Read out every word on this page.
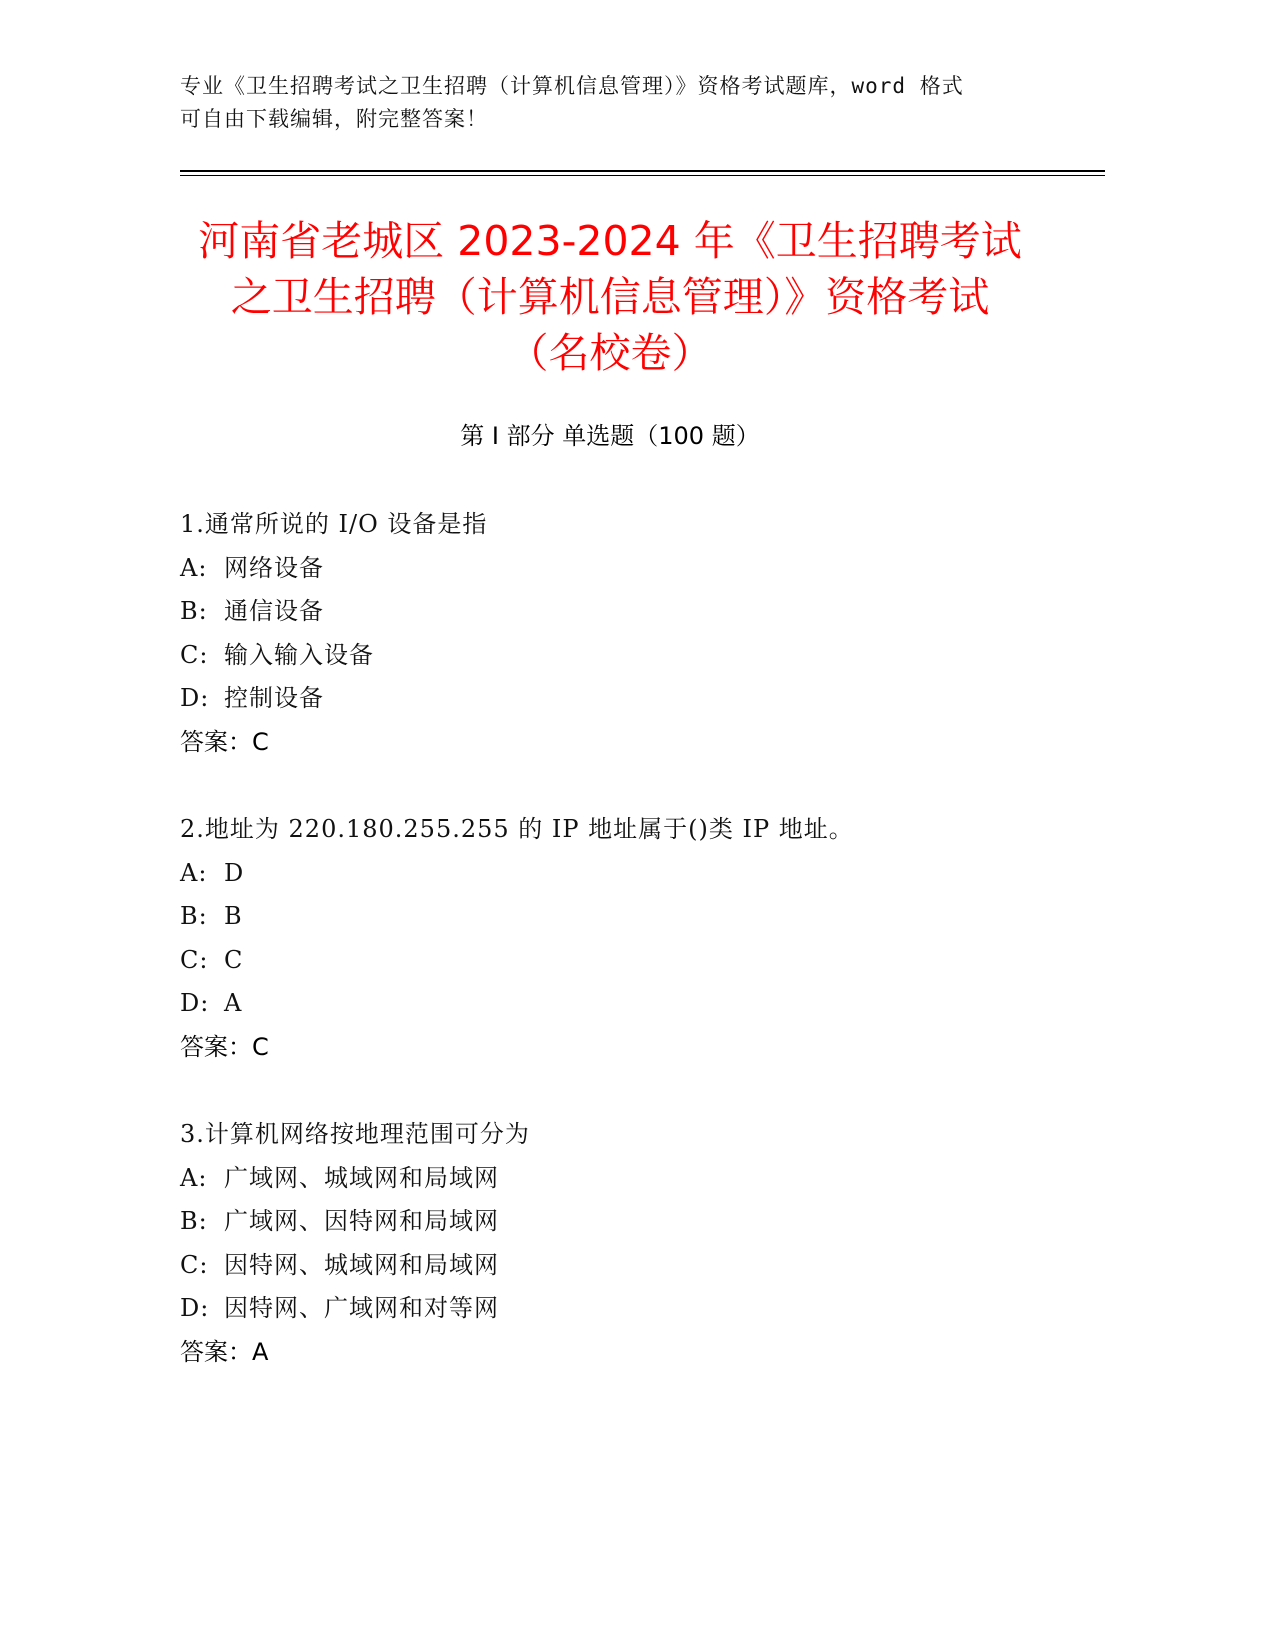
专业《卫生招聘考试之卫生招聘（计算机信息管理）》资格考试题库，word 格式
可自由下载编辑，附完整答案！
河南省老城区 2023-2024 年《卫生招聘考试
之卫生招聘（计算机信息管理）》资格考试
（名校卷）
第 I 部分 单选题（100 题）
1.通常所说的 I/O 设备是指
A: 网络设备
B: 通信设备
C: 输入输入设备
D: 控制设备
答案：C
2.地址为 220.180.255.255 的 IP 地址属于()类 IP 地址。
A: D
B: B
C: C
D: A
答案：C
3.计算机网络按地理范围可分为
A: 广域网、城域网和局域网
B: 广域网、因特网和局域网
C: 因特网、城域网和局域网
D: 因特网、广域网和对等网
答案：A
